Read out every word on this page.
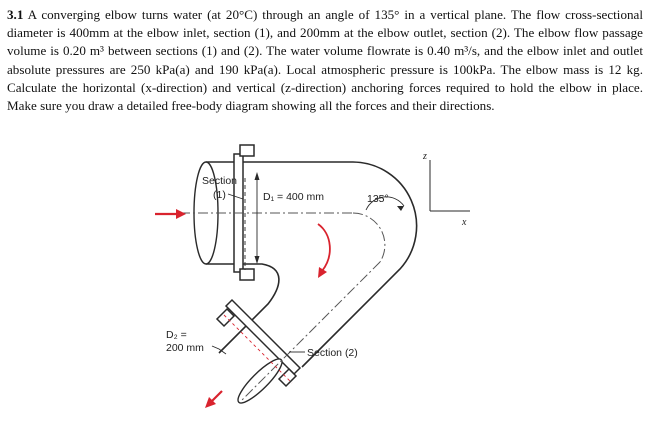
3.1 A converging elbow turns water (at 20°C) through an angle of 135° in a vertical plane. The flow cross-sectional diameter is 400mm at the elbow inlet, section (1), and 200mm at the elbow outlet, section (2). The elbow flow passage volume is 0.20 m³ between sections (1) and (2). The water volume flowrate is 0.40 m³/s, and the elbow inlet and outlet absolute pressures are 250 kPa(a) and 190 kPa(a). Local atmospheric pressure is 100kPa. The elbow mass is 12 kg. Calculate the horizontal (x-direction) and vertical (z-direction) anchoring forces required to hold the elbow in place. Make sure you draw a detailed free-body diagram showing all the forces and their directions.

Section
(1)	D₁ = 400 mm	135°
D₂ =
200 mm	Section (2)
z
x
